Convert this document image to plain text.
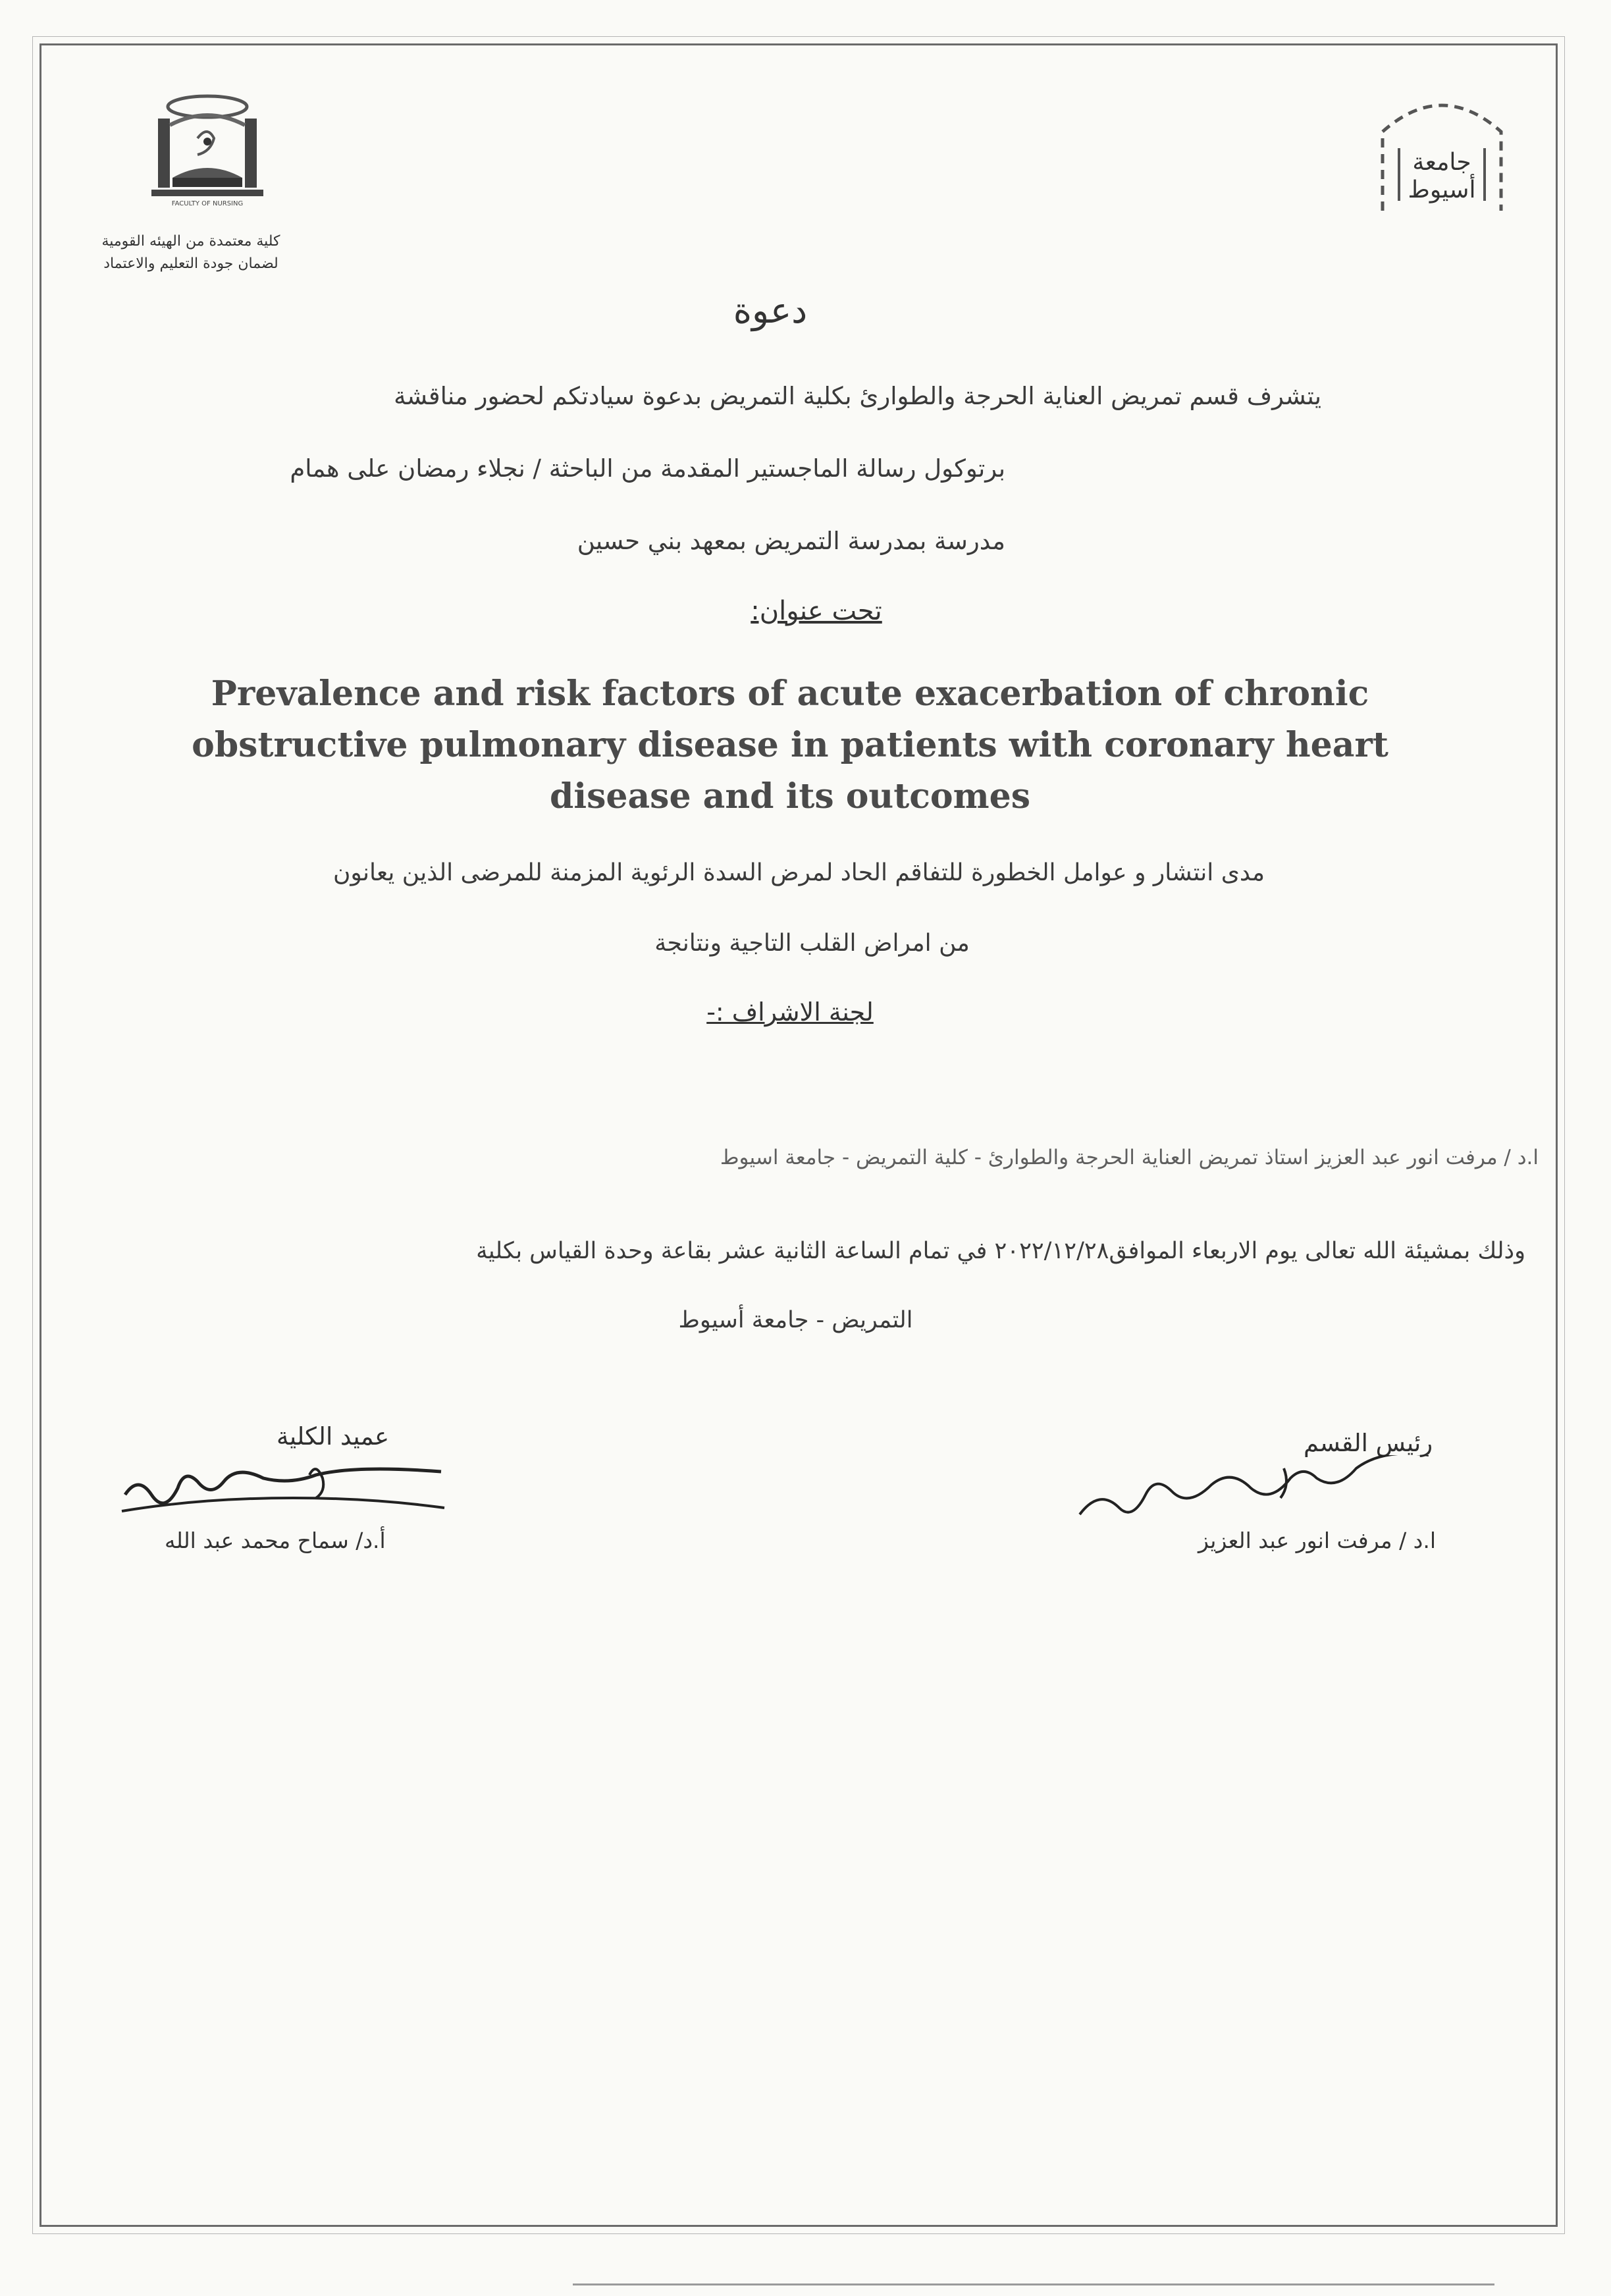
FACULTY OF NURSING
كلية معتمدة من الهيئه القومية
لضمان جودة التعليم والاعتماد
جامعة
أسيوط
دعوة
يتشرف قسم تمريض العناية الحرجة والطوارئ بكلية التمريض بدعوة سيادتكم لحضور مناقشة
برتوكول رسالة الماجستير المقدمة من الباحثة / نجلاء رمضان على همام
مدرسة بمدرسة التمريض بمعهد بني حسين
تحت عنوان:
Prevalence and risk factors of acute exacerbation of chronic
obstructive pulmonary disease in patients with coronary heart
disease and its outcomes
مدى انتشار و عوامل الخطورة للتفاقم الحاد لمرض السدة الرئوية المزمنة للمرضى الذين يعانون
من امراض القلب التاجية ونتانجة
لجنة الاشراف :-
ا.د / مرفت انور عبد العزيز استاذ تمريض العناية الحرجة والطوارئ - كلية التمريض - جامعة اسيوط
وذلك بمشيئة الله تعالى يوم الاربعاء الموافق٢٠٢٢/١٢/٢٨ في تمام الساعة الثانية عشر بقاعة وحدة القياس بكلية
التمريض - جامعة أسيوط
عميد الكلية	رئيس القسم
أ.د/ سماح محمد عبد الله	ا.د / مرفت انور عبد العزيز
